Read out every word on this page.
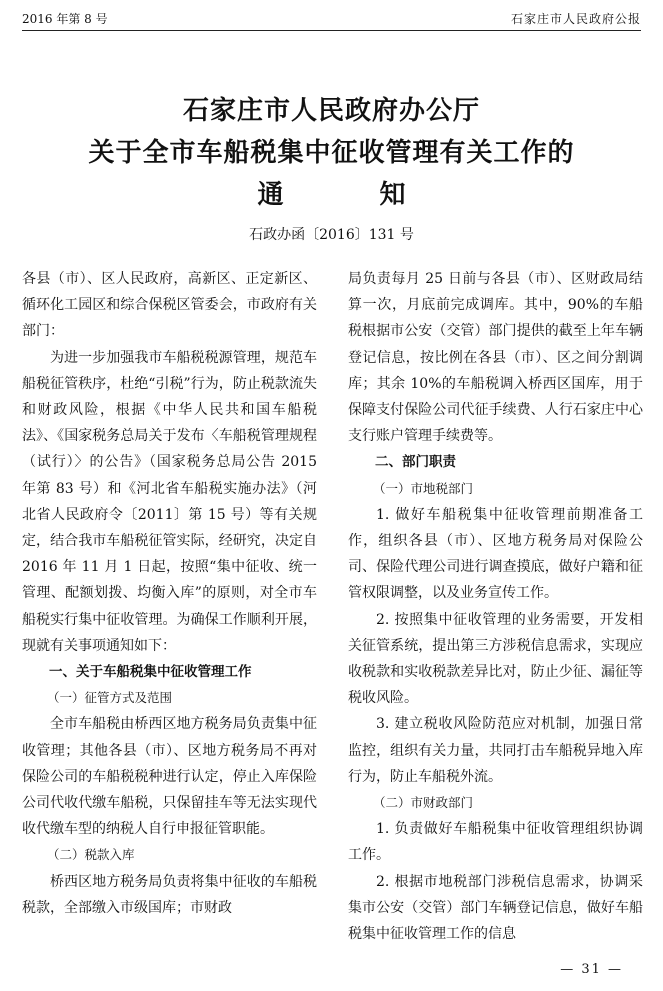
2016 年第 8 号	石家庄市人民政府公报
石家庄市人民政府办公厅
关于全市车船税集中征收管理有关工作的
通知
石政办函〔2016〕131 号

各县（市）、区人民政府，高新区、正定新区、循环化工园区和综合保税区管委会，市政府有关部门：

为进一步加强我市车船税税源管理，规范车船税征管秩序，杜绝“引税”行为，防止税款流失和财政风险，根据《中华人民共和国车船税法》、《国家税务总局关于发布〈车船税管理规程（试行）〉的公告》（国家税务总局公告 2015 年第 83 号）和《河北省车船税实施办法》（河北省人民政府令〔2011〕第 15 号）等有关规定，结合我市车船税征管实际，经研究，决定自 2016 年 11 月 1 日起，按照“集中征收、统一管理、配额划拨、均衡入库”的原则，对全市车船税实行集中征收管理。为确保工作顺利开展，现就有关事项通知如下：

一、关于车船税集中征收管理工作

（一）征管方式及范围

全市车船税由桥西区地方税务局负责集中征收管理；其他各县（市）、区地方税务局不再对保险公司的车船税税种进行认定，停止入库保险公司代收代缴车船税，只保留挂车等无法实现代收代缴车型的纳税人自行申报征管职能。

（二）税款入库

桥西区地方税务局负责将集中征收的车船税税款，全部缴入市级国库；市财政

局负责每月 25 日前与各县（市）、区财政局结算一次，月底前完成调库。其中，90%的车船税根据市公安（交管）部门提供的截至上年车辆登记信息，按比例在各县（市）、区之间分割调库；其余 10%的车船税调入桥西区国库，用于保障支付保险公司代征手续费、人行石家庄中心支行账户管理手续费等。

二、部门职责

（一）市地税部门

1. 做好车船税集中征收管理前期准备工作，组织各县（市）、区地方税务局对保险公司、保险代理公司进行调查摸底，做好户籍和征管权限调整，以及业务宣传工作。

2. 按照集中征收管理的业务需要，开发相关征管系统，提出第三方涉税信息需求，实现应收税款和实收税款差异比对，防止少征、漏征等税收风险。

3. 建立税收风险防范应对机制，加强日常监控，组织有关力量，共同打击车船税异地入库行为，防止车船税外流。

（二）市财政部门

1. 负责做好车船税集中征收管理组织协调工作。

2. 根据市地税部门涉税信息需求，协调采集市公安（交管）部门车辆登记信息，做好车船税集中征收管理工作的信息

— 31 —
